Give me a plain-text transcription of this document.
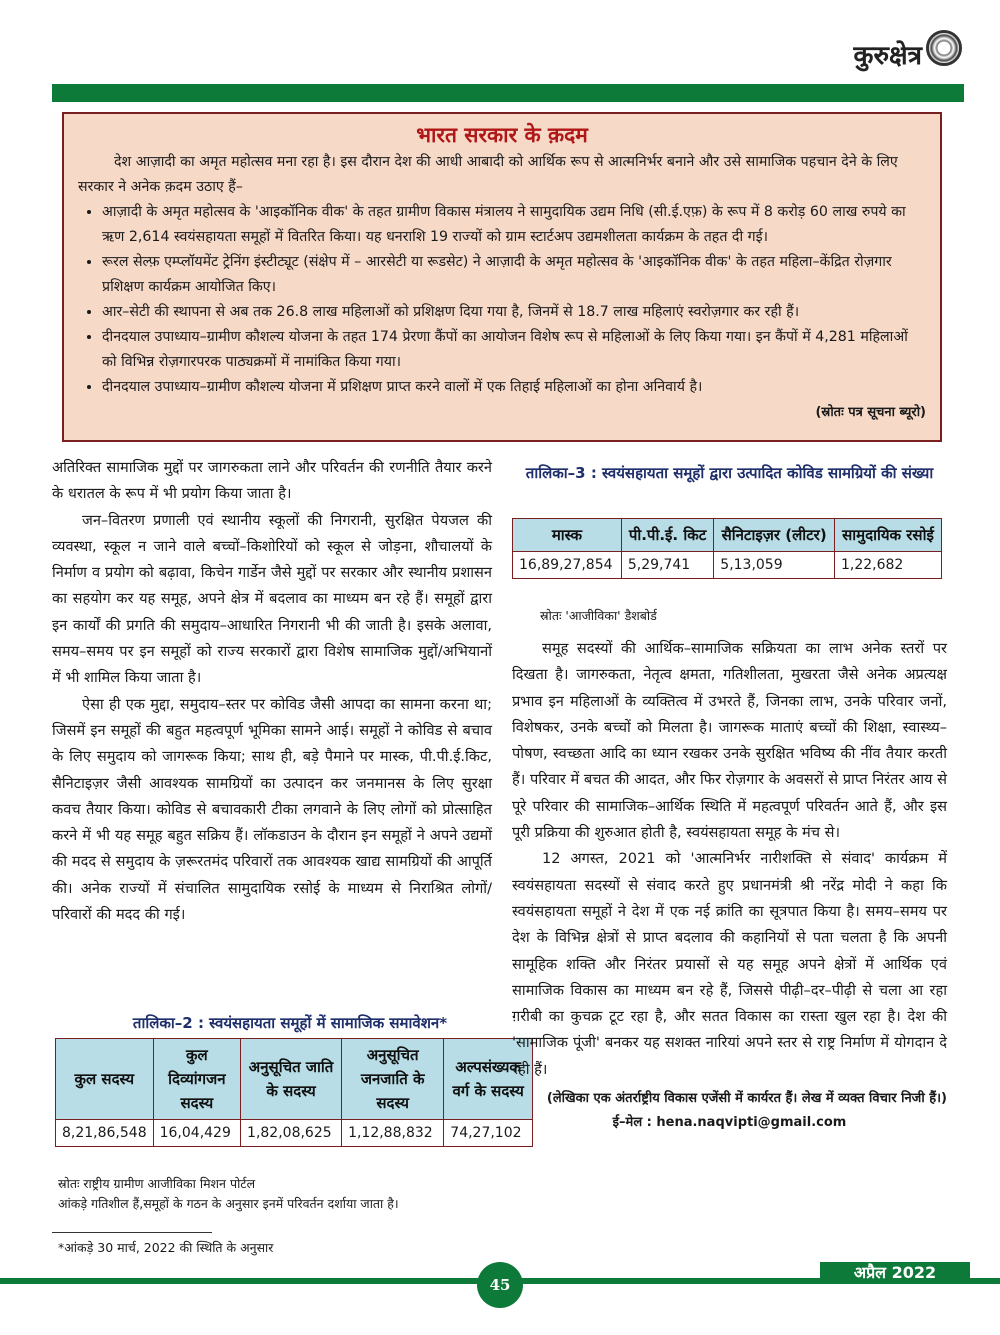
कुरुक्षेत्र
भारत सरकार के क़दम

देश आज़ादी का अमृत महोत्सव मना रहा है। इस दौरान देश की आधी आबादी को आर्थिक रूप से आत्मनिर्भर बनाने और उसे सामाजिक पहचान देने के लिए सरकार ने अनेक क़दम उठाए हैं–

• आज़ादी के अमृत महोत्सव के 'आइकॉनिक वीक' के तहत ग्रामीण विकास मंत्रालय ने सामुदायिक उद्यम निधि (सी.ई.एफ़) के रूप में 8 करोड़ 60 लाख रुपये का ऋण 2,614 स्वयंसहायता समूहों में वितरित किया। यह धनराशि 19 राज्यों को ग्राम स्टार्टअप उद्यमशीलता कार्यक्रम के तहत दी गई।
• रूरल सेल्फ़ एम्प्लॉयमेंट ट्रेनिंग इंस्टीट्यूट (संक्षेप में – आरसेटी या रूडसेट) ने आज़ादी के अमृत महोत्सव के 'आइकॉनिक वीक' के तहत महिला–केंद्रित रोज़गार प्रशिक्षण कार्यक्रम आयोजित किए।
• आर–सेटी की स्थापना से अब तक 26.8 लाख महिलाओं को प्रशिक्षण दिया गया है, जिनमें से 18.7 लाख महिलाएं स्वरोज़गार कर रही हैं।
• दीनदयाल उपाध्याय–ग्रामीण कौशल्य योजना के तहत 174 प्रेरणा कैंपों का आयोजन विशेष रूप से महिलाओं के लिए किया गया। इन कैंपों में 4,281 महिलाओं को विभिन्न रोज़गारपरक पाठ्यक्रमों में नामांकित किया गया।
• दीनदयाल उपाध्याय–ग्रामीण कौशल्य योजना में प्रशिक्षण प्राप्त करने वालों में एक तिहाई महिलाओं का होना अनिवार्य है।
(स्रोतः पत्र सूचना ब्यूरो)

अतिरिक्त सामाजिक मुद्दों पर जागरुकता लाने और परिवर्तन की रणनीति तैयार करने के धरातल के रूप में भी प्रयोग किया जाता है।

जन–वितरण प्रणाली एवं स्थानीय स्कूलों की निगरानी, सुरक्षित पेयजल की व्यवस्था, स्कूल न जाने वाले बच्चों–किशोरियों को स्कूल से जोड़ना, शौचालयों के निर्माण व प्रयोग को बढ़ावा, किचेन गार्डेन जैसे मुद्दों पर सरकार और स्थानीय प्रशासन का सहयोग कर यह समूह, अपने क्षेत्र में बदलाव का माध्यम बन रहे हैं। समूहों द्वारा इन कार्यों की प्रगति की समुदाय–आधारित निगरानी भी की जाती है। इसके अलावा, समय–समय पर इन समूहों को राज्य सरकारों द्वारा विशेष सामाजिक मुद्दों/अभियानों में भी शामिल किया जाता है।

ऐसा ही एक मुद्दा, समुदाय–स्तर पर कोविड जैसी आपदा का सामना करना था; जिसमें इन समूहों की बहुत महत्वपूर्ण भूमिका सामने आई। समूहों ने कोविड से बचाव के लिए समुदाय को जागरूक किया; साथ ही, बड़े पैमाने पर मास्क, पी.पी.ई.किट, सैनिटाइज़र जैसी आवश्यक सामग्रियों का उत्पादन कर जनमानस के लिए सुरक्षा कवच तैयार किया। कोविड से बचावकारी टीका लगवाने के लिए लोगों को प्रोत्साहित करने में भी यह समूह बहुत सक्रिय हैं। लॉकडाउन के दौरान इन समूहों ने अपने उद्यमों की मदद से समुदाय के ज़रूरतमंद परिवारों तक आवश्यक खाद्य सामग्रियों की आपूर्ति की। अनेक राज्यों में संचालित सामुदायिक रसोई के माध्यम से निराश्रित लोगों/परिवारों की मदद की गई।

तालिका–2 : स्वयंसहायता समूहों में सामाजिक समावेशन*
कुल सदस्य	कुल दिव्यांगजन सदस्य	अनुसूचित जाति के सदस्य	अनुसूचित जनजाति के सदस्य	अल्पसंख्यक वर्ग के सदस्य
8,21,86,548	16,04,429	1,82,08,625	1,12,88,832	74,27,102
स्रोतः राष्ट्रीय ग्रामीण आजीविका मिशन पोर्टल
आंकड़े गतिशील हैं,समूहों के गठन के अनुसार इनमें परिवर्तन दर्शाया जाता है।
*आंकड़े 30 मार्च, 2022 की स्थिति के अनुसार
तालिका–3 : स्वयंसहायता समूहों द्वारा उत्पादित कोविड सामग्रियों की संख्या
मास्क	पी.पी.ई. किट	सैनिटाइज़र (लीटर)	सामुदायिक रसोई
16,89,27,854	5,29,741	5,13,059	1,22,682
स्रोतः 'आजीविका' डैशबोर्ड

समूह सदस्यों की आर्थिक–सामाजिक सक्रियता का लाभ अनेक स्तरों पर दिखता है। जागरुकता, नेतृत्व क्षमता, गतिशीलता, मुखरता जैसे अनेक अप्रत्यक्ष प्रभाव इन महिलाओं के व्यक्तित्व में उभरते हैं, जिनका लाभ, उनके परिवार जनों, विशेषकर, उनके बच्चों को मिलता है। जागरूक माताएं बच्चों की शिक्षा, स्वास्थ्य–पोषण, स्वच्छता आदि का ध्यान रखकर उनके सुरक्षित भविष्य की नींव तैयार करती हैं। परिवार में बचत की आदत, और फिर रोज़गार के अवसरों से प्राप्त निरंतर आय से पूरे परिवार की सामाजिक–आर्थिक स्थिति में महत्वपूर्ण परिवर्तन आते हैं, और इस पूरी प्रक्रिया की शुरुआत होती है, स्वयंसहायता समूह के मंच से।

12 अगस्त, 2021 को 'आत्मनिर्भर नारीशक्ति से संवाद' कार्यक्रम में स्वयंसहायता सदस्यों से संवाद करते हुए प्रधानमंत्री श्री नरेंद्र मोदी ने कहा कि स्वयंसहायता समूहों ने देश में एक नई क्रांति का सूत्रपात किया है। समय–समय पर देश के विभिन्न क्षेत्रों से प्राप्त बदलाव की कहानियों से पता चलता है कि अपनी सामूहिक शक्ति और निरंतर प्रयासों से यह समूह अपने क्षेत्रों में आर्थिक एवं सामाजिक विकास का माध्यम बन रहे हैं, जिससे पीढ़ी–दर–पीढ़ी से चला आ रहा ग़रीबी का कुचक्र टूट रहा है, और सतत विकास का रास्ता खुल रहा है। देश की 'सामाजिक पूंजी' बनकर यह सशक्त नारियां अपने स्तर से राष्ट्र निर्माण में योगदान दे रही हैं।

(लेखिका एक अंतर्राष्ट्रीय विकास एजेंसी में कार्यरत हैं। लेख में व्यक्त विचार निजी हैं।)

ई–मेल : hena.naqvipti@gmail.com

45
अप्रैल 2022
